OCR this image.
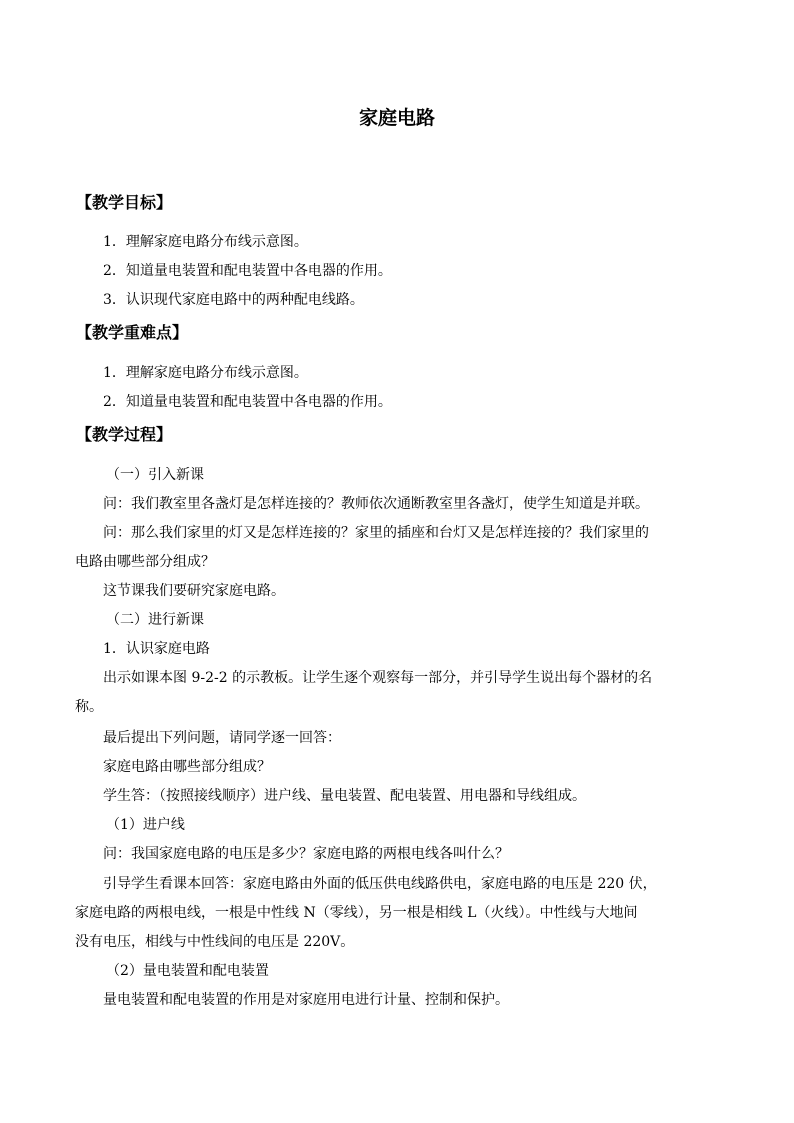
家庭电路
【教学目标】
1．理解家庭电路分布线示意图。
2．知道量电装置和配电装置中各电器的作用。
3．认识现代家庭电路中的两种配电线路。
【教学重难点】
1．理解家庭电路分布线示意图。
2．知道量电装置和配电装置中各电器的作用。
【教学过程】
（一）引入新课
问：我们教室里各盏灯是怎样连接的？教师依次通断教室里各盏灯，使学生知道是并联。
问：那么我们家里的灯又是怎样连接的？家里的插座和台灯又是怎样连接的？我们家里的
电路由哪些部分组成？
这节课我们要研究家庭电路。
（二）进行新课
1．认识家庭电路
出示如课本图 9-2-2 的示教板。让学生逐个观察每一部分，并引导学生说出每个器材的名
称。
最后提出下列问题，请同学逐一回答：
家庭电路由哪些部分组成？
学生答：（按照接线顺序）进户线、量电装置、配电装置、用电器和导线组成。
（1）进户线
问：我国家庭电路的电压是多少？家庭电路的两根电线各叫什么？
引导学生看课本回答：家庭电路由外面的低压供电线路供电，家庭电路的电压是 220 伏，
家庭电路的两根电线，一根是中性线 N（零线），另一根是相线 L（火线）。中性线与大地间
没有电压，相线与中性线间的电压是 220V。
（2）量电装置和配电装置
量电装置和配电装置的作用是对家庭用电进行计量、控制和保护。
